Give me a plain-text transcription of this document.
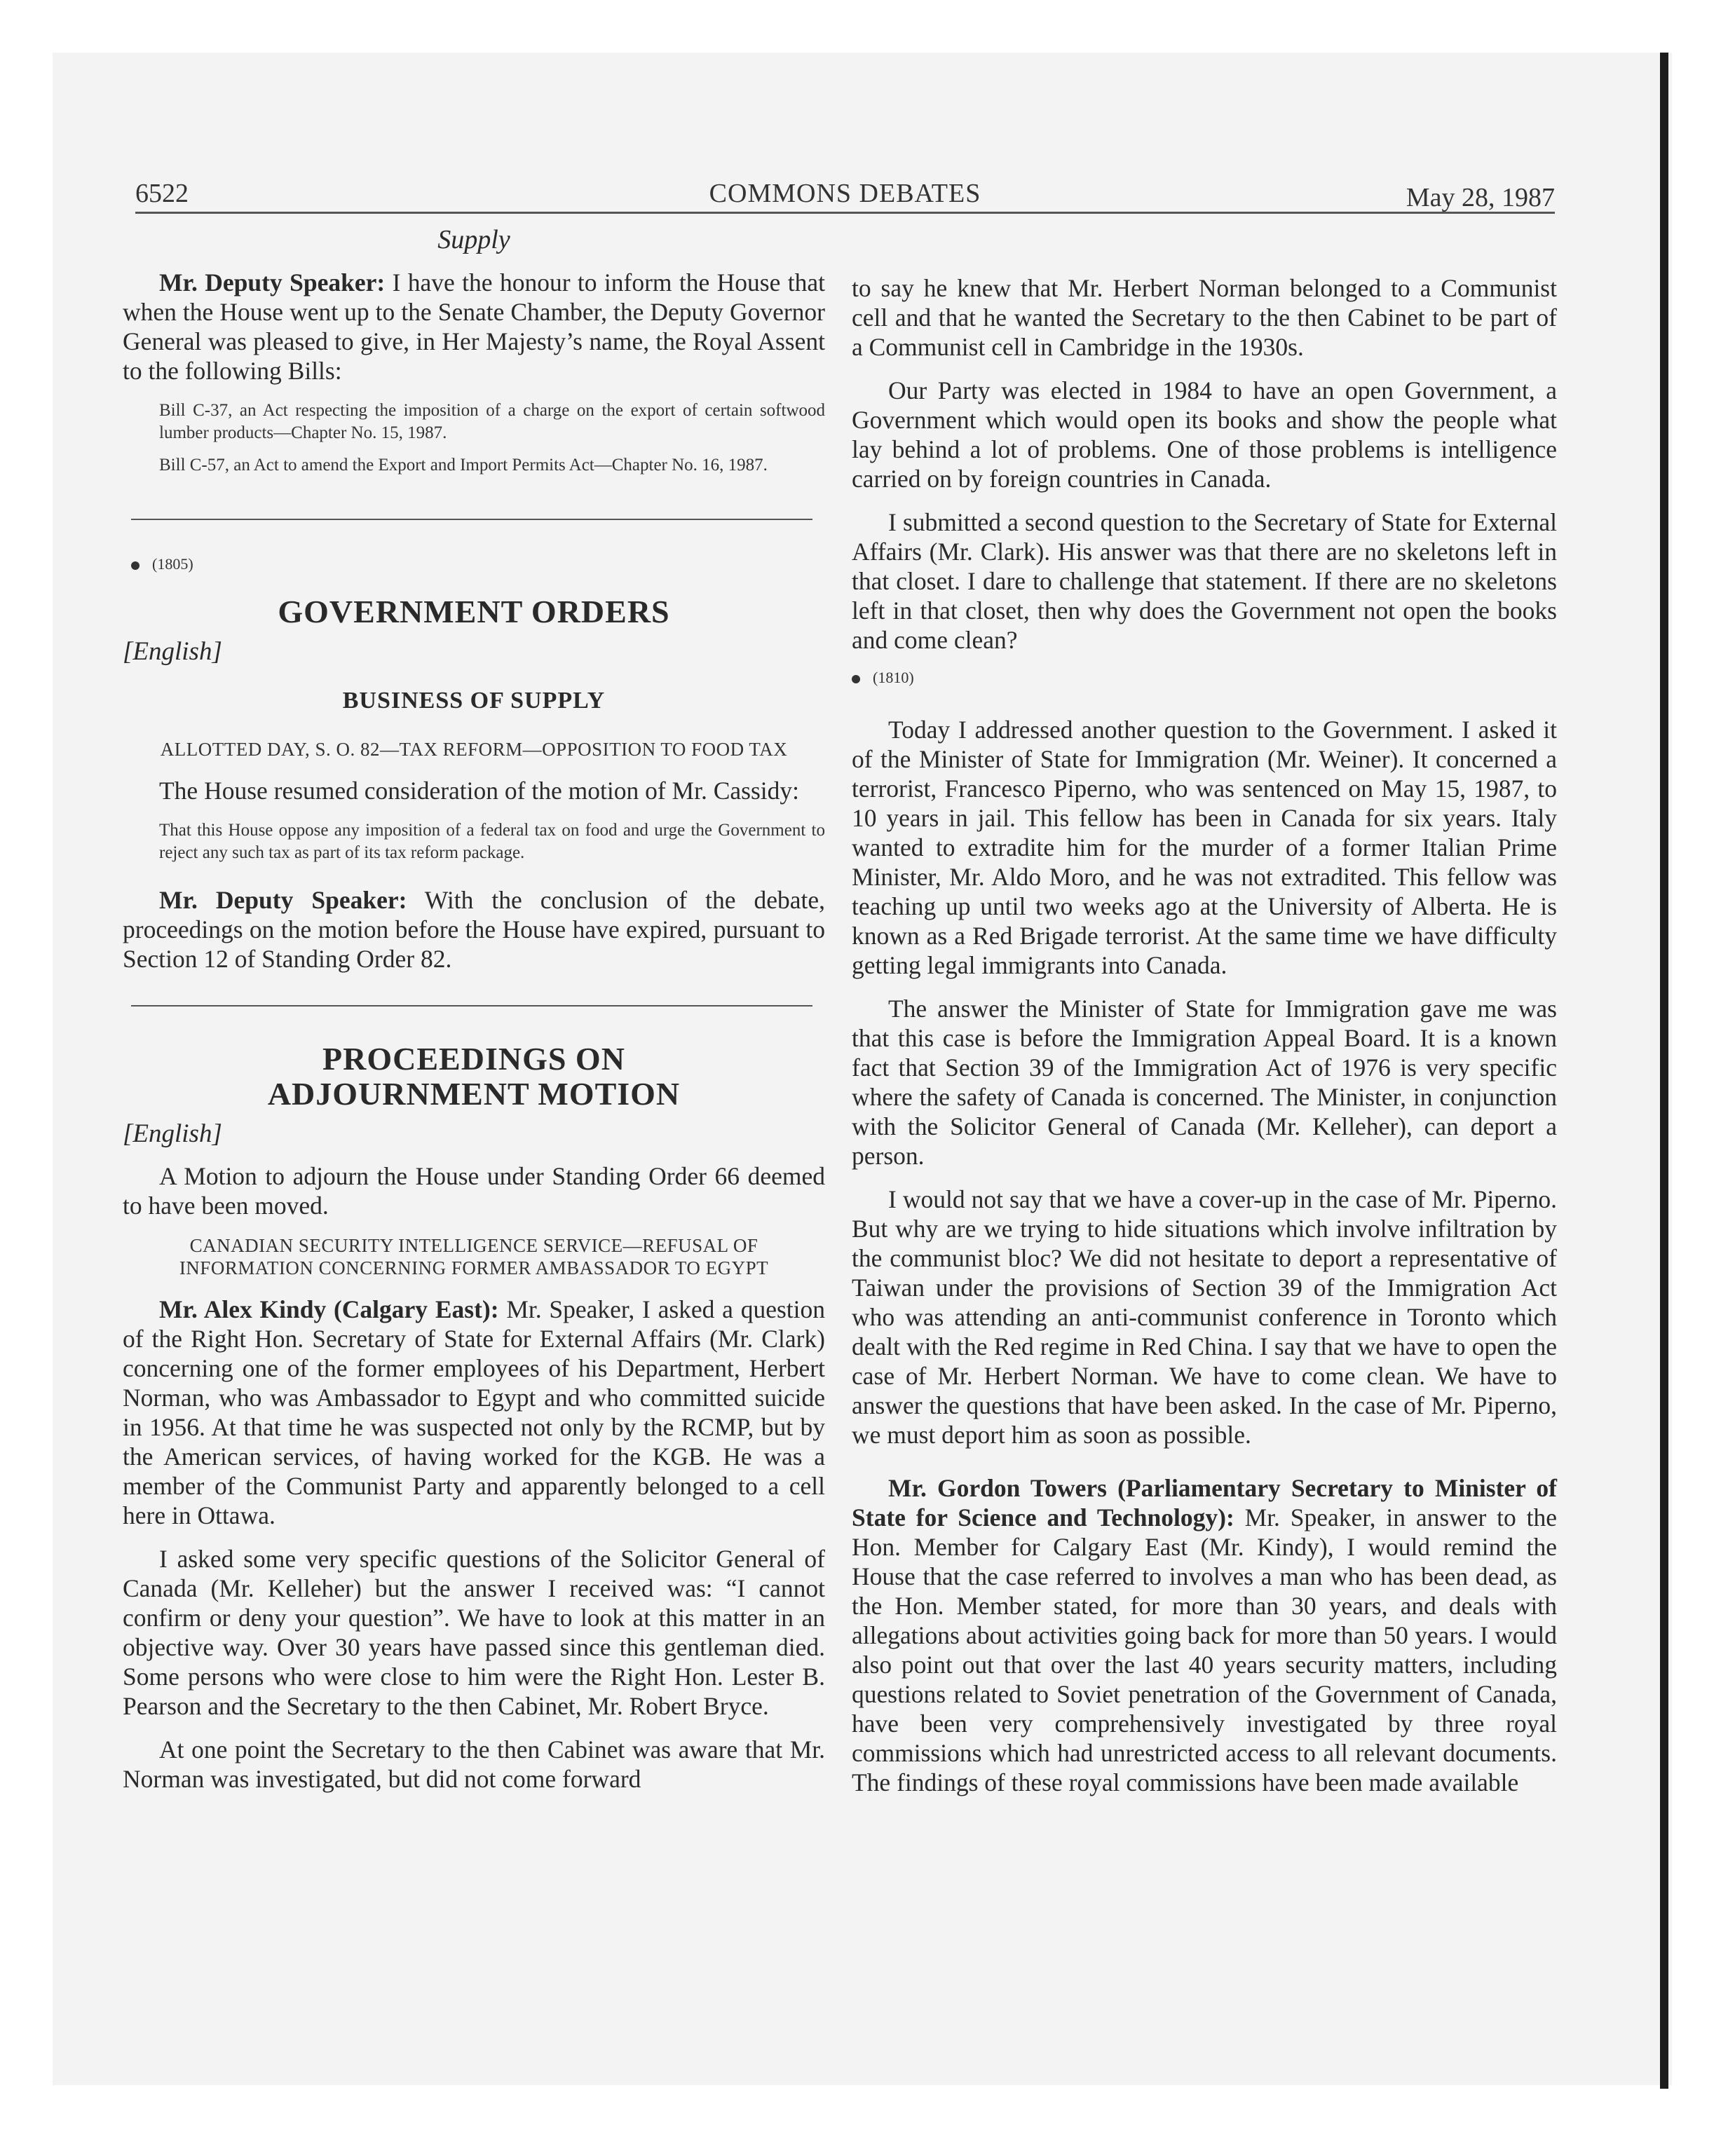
6522	COMMONS DEBATES	May 28, 1987
Supply

Mr. Deputy Speaker: I have the honour to inform the House that when the House went up to the Senate Chamber, the Deputy Governor General was pleased to give, in Her Majesty’s name, the Royal Assent to the following Bills:

Bill C-37, an Act respecting the imposition of a charge on the export of certain softwood lumber products—Chapter No. 15, 1987.

Bill C-57, an Act to amend the Export and Import Permits Act—Chapter No. 16, 1987.

(1805)
GOVERNMENT ORDERS
[English]
BUSINESS OF SUPPLY
ALLOTTED DAY, S. O. 82—TAX REFORM—OPPOSITION TO FOOD TAX

The House resumed consideration of the motion of Mr. Cassidy:

That this House oppose any imposition of a federal tax on food and urge the Government to reject any such tax as part of its tax reform package.

Mr. Deputy Speaker: With the conclusion of the debate, proceedings on the motion before the House have expired, pursuant to Section 12 of Standing Order 82.

PROCEEDINGS ON ADJOURNMENT MOTION
[English]

A Motion to adjourn the House under Standing Order 66 deemed to have been moved.

CANADIAN SECURITY INTELLIGENCE SERVICE—REFUSAL OF INFORMATION CONCERNING FORMER AMBASSADOR TO EGYPT

Mr. Alex Kindy (Calgary East): Mr. Speaker, I asked a question of the Right Hon. Secretary of State for External Affairs (Mr. Clark) concerning one of the former employees of his Department, Herbert Norman, who was Ambassador to Egypt and who committed suicide in 1956. At that time he was suspected not only by the RCMP, but by the American services, of having worked for the KGB. He was a member of the Communist Party and apparently belonged to a cell here in Ottawa.

I asked some very specific questions of the Solicitor General of Canada (Mr. Kelleher) but the answer I received was: “I cannot confirm or deny your question”. We have to look at this matter in an objective way. Over 30 years have passed since this gentleman died. Some persons who were close to him were the Right Hon. Lester B. Pearson and the Secretary to the then Cabinet, Mr. Robert Bryce.

At one point the Secretary to the then Cabinet was aware that Mr. Norman was investigated, but did not come forward

to say he knew that Mr. Herbert Norman belonged to a Communist cell and that he wanted the Secretary to the then Cabinet to be part of a Communist cell in Cambridge in the 1930s.

Our Party was elected in 1984 to have an open Government, a Government which would open its books and show the people what lay behind a lot of problems. One of those problems is intelligence carried on by foreign countries in Canada.

I submitted a second question to the Secretary of State for External Affairs (Mr. Clark). His answer was that there are no skeletons left in that closet. I dare to challenge that statement. If there are no skeletons left in that closet, then why does the Government not open the books and come clean?

(1810)

Today I addressed another question to the Government. I asked it of the Minister of State for Immigration (Mr. Weiner). It concerned a terrorist, Francesco Piperno, who was sentenced on May 15, 1987, to 10 years in jail. This fellow has been in Canada for six years. Italy wanted to extradite him for the murder of a former Italian Prime Minister, Mr. Aldo Moro, and he was not extradited. This fellow was teaching up until two weeks ago at the University of Alberta. He is known as a Red Brigade terrorist. At the same time we have difficulty getting legal immigrants into Canada.

The answer the Minister of State for Immigration gave me was that this case is before the Immigration Appeal Board. It is a known fact that Section 39 of the Immigration Act of 1976 is very specific where the safety of Canada is concerned. The Minister, in conjunction with the Solicitor General of Canada (Mr. Kelleher), can deport a person.

I would not say that we have a cover-up in the case of Mr. Piperno. But why are we trying to hide situations which involve infiltration by the communist bloc? We did not hesitate to deport a representative of Taiwan under the provisions of Section 39 of the Immigration Act who was attending an anti-communist conference in Toronto which dealt with the Red regime in Red China. I say that we have to open the case of Mr. Herbert Norman. We have to come clean. We have to answer the questions that have been asked. In the case of Mr. Piperno, we must deport him as soon as possible.

Mr. Gordon Towers (Parliamentary Secretary to Minister of State for Science and Technology): Mr. Speaker, in answer to the Hon. Member for Calgary East (Mr. Kindy), I would remind the House that the case referred to involves a man who has been dead, as the Hon. Member stated, for more than 30 years, and deals with allegations about activities going back for more than 50 years. I would also point out that over the last 40 years security matters, including questions related to Soviet penetration of the Government of Canada, have been very comprehensively investigated by three royal commissions which had unrestricted access to all relevant documents. The findings of these royal commissions have been made available
